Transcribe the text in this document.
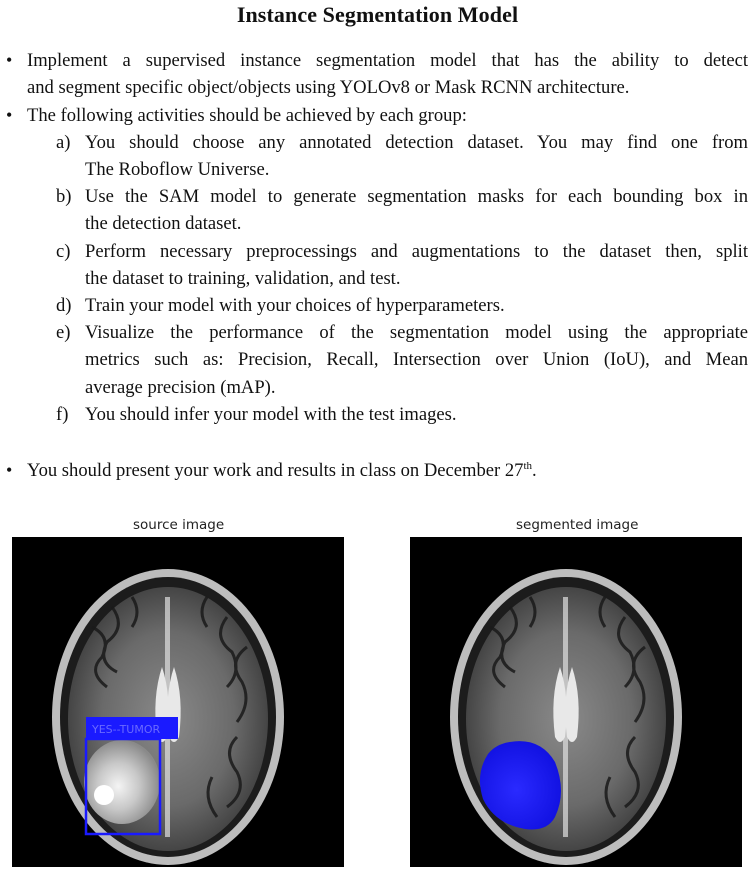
Instance Segmentation Model
• Implement a supervised instance segmentation model that has the ability to detect
and segment specific object/objects using YOLOv8 or Mask RCNN architecture.
• The following activities should be achieved by each group:
a) You should choose any annotated detection dataset. You may find one from
The Roboflow Universe.
b) Use the SAM model to generate segmentation masks for each bounding box in
the detection dataset.
c) Perform necessary preprocessings and augmentations to the dataset then, split
the dataset to training, validation, and test.
d) Train your model with your choices of hyperparameters.
e) Visualize the performance of the segmentation model using the appropriate
metrics such as: Precision, Recall, Intersection over Union (IoU), and Mean
average precision (mAP).
f) You should infer your model with the test images.
• You should present your work and results in class on December 27th.
source image	segmented image
YES--TUMOR
